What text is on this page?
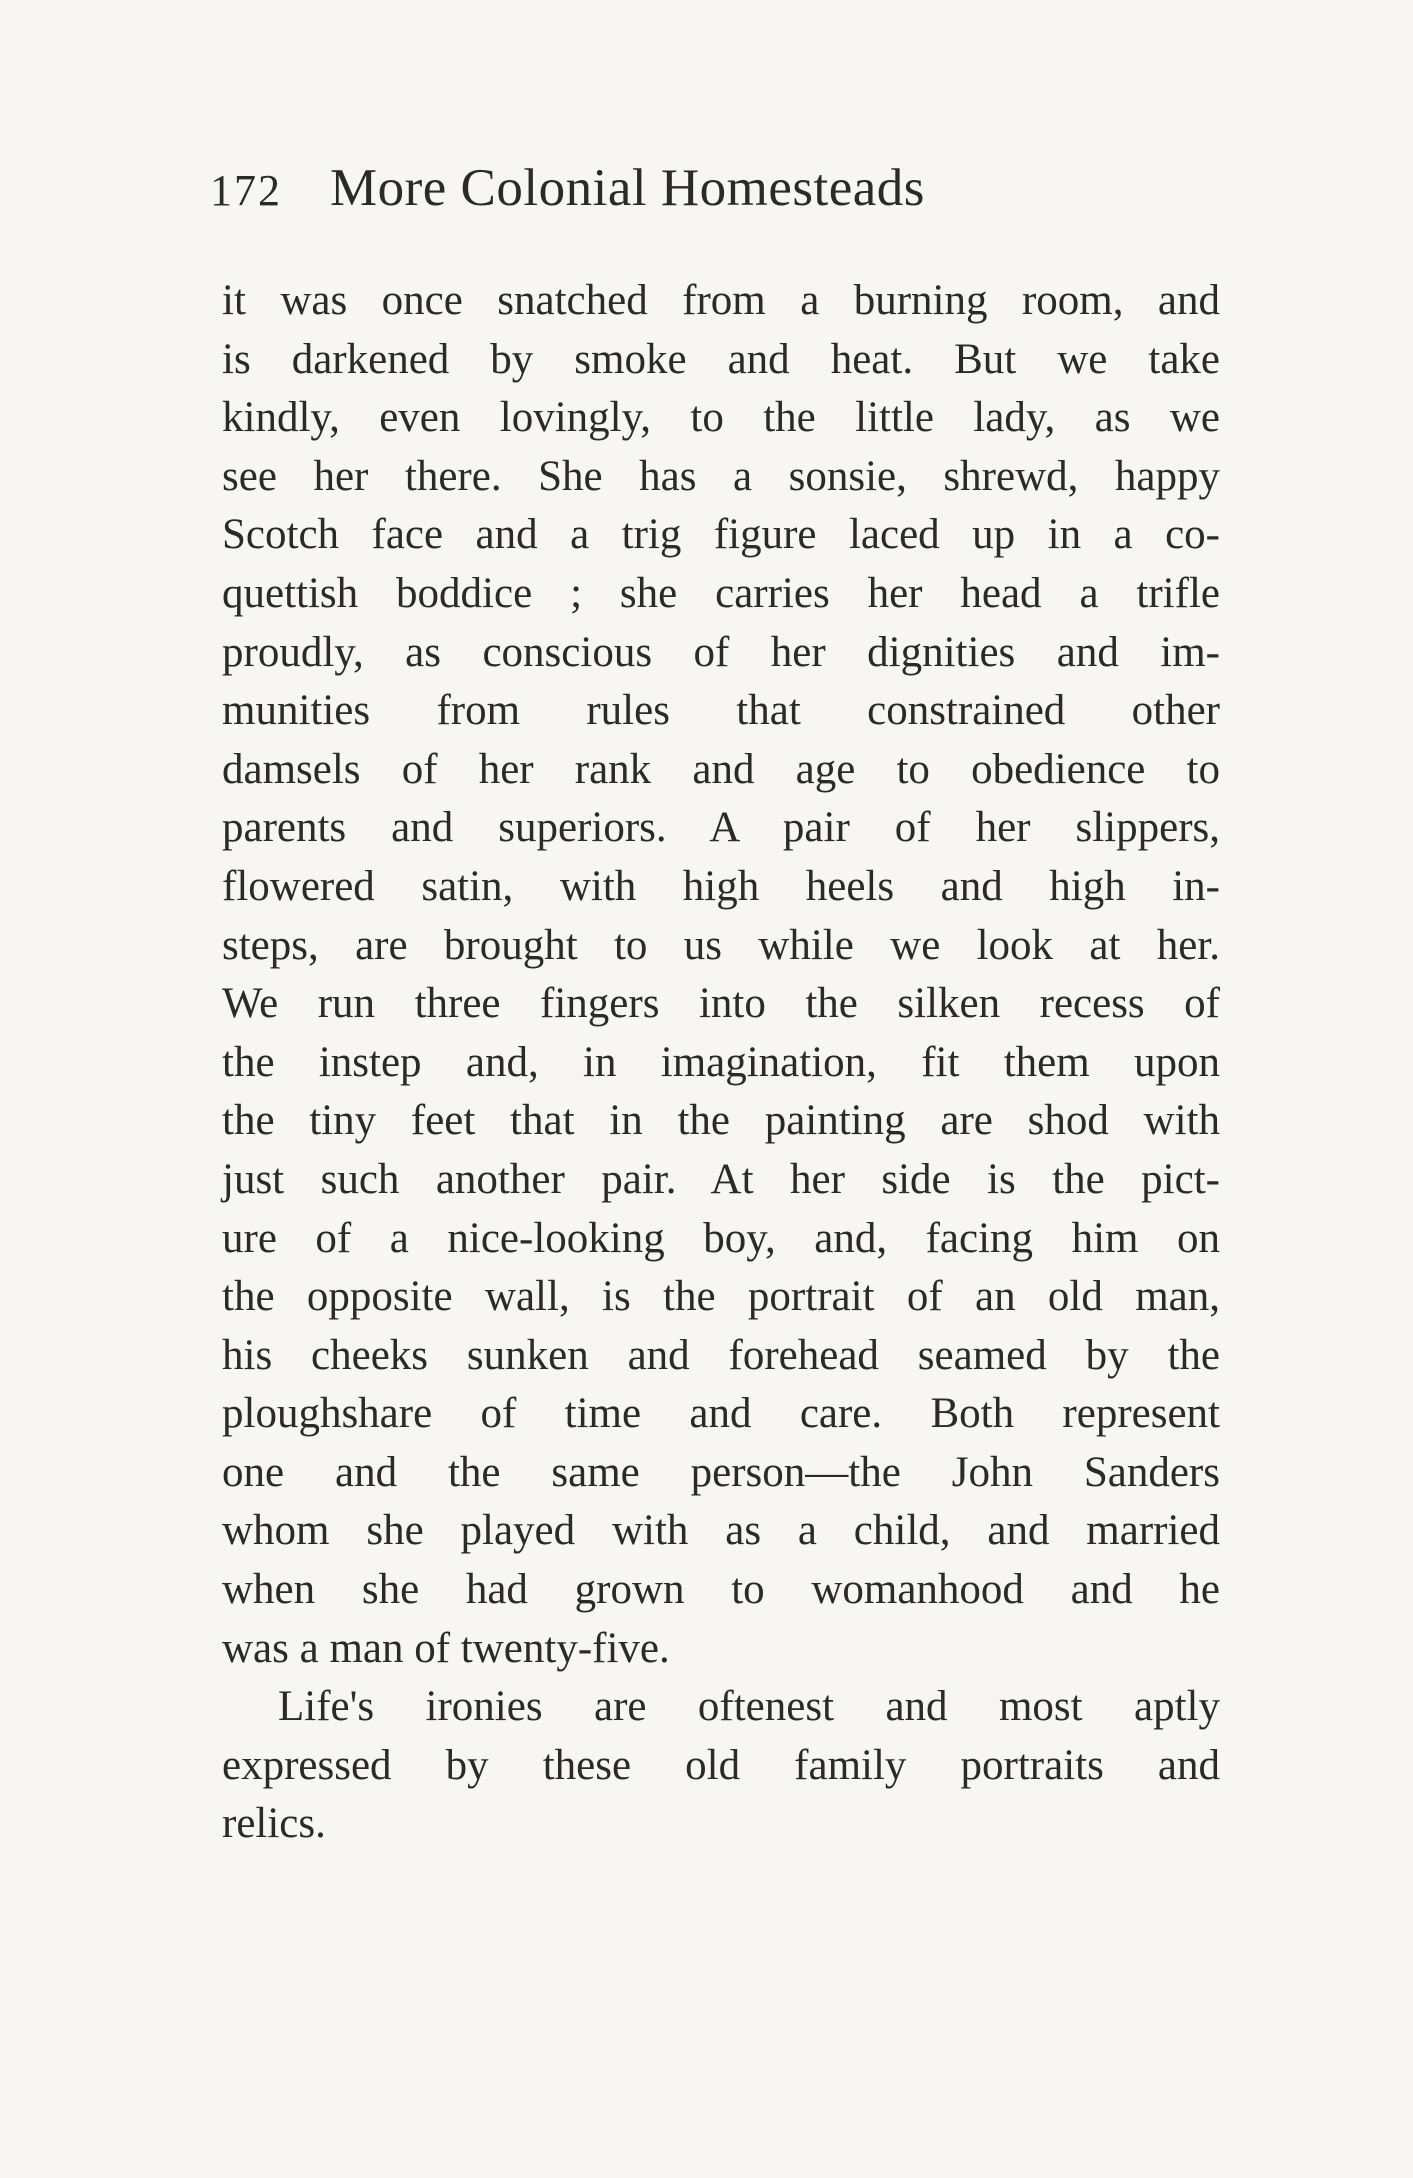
172 More Colonial Homesteads
it was once snatched from a burning room, and
is darkened by smoke and heat. But we take
kindly, even lovingly, to the little lady, as we
see her there. She has a sonsie, shrewd, happy
Scotch face and a trig figure laced up in a co-
quettish boddice ; she carries her head a trifle
proudly, as conscious of her dignities and im-
munities from rules that constrained other
damsels of her rank and age to obedience to
parents and superiors. A pair of her slippers,
flowered satin, with high heels and high in-
steps, are brought to us while we look at her.
We run three fingers into the silken recess of
the instep and, in imagination, fit them upon
the tiny feet that in the painting are shod with
just such another pair. At her side is the pict-
ure of a nice-looking boy, and, facing him on
the opposite wall, is the portrait of an old man,
his cheeks sunken and forehead seamed by the
ploughshare of time and care. Both represent
one and the same person—the John Sanders
whom she played with as a child, and married
when she had grown to womanhood and he
was a man of twenty-five.
Life's ironies are oftenest and most aptly
expressed by these old family portraits and
relics.
